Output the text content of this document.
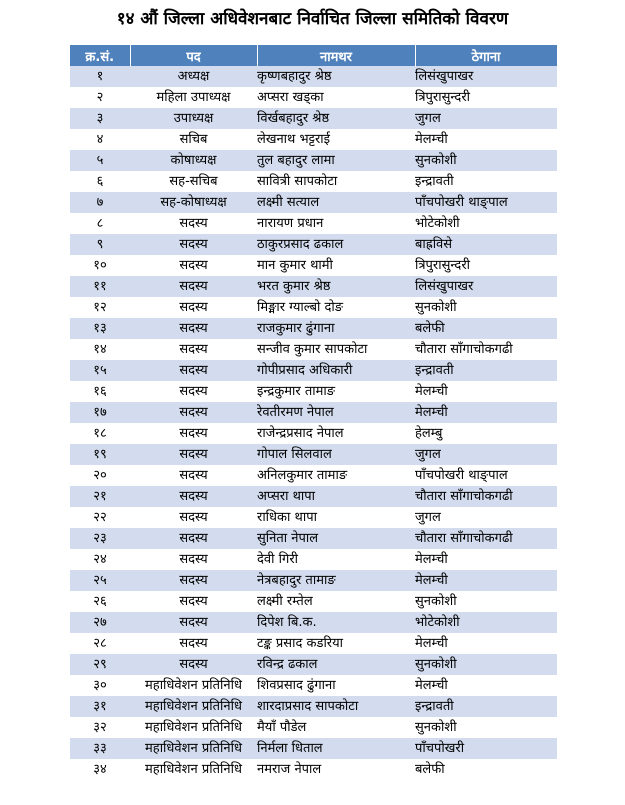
१४ औं जिल्ला अधिवेशनबाट निर्वाचित जिल्ला समितिको विवरण
क्र.सं.	पद	नामथर	ठेगाना
१	अध्यक्ष	कृष्णबहादुर श्रेष्ठ	लिसंखुपाखर
२	महिला उपाध्यक्ष	अप्सरा खड्का	त्रिपुरासुन्दरी
३	उपाध्यक्ष	विर्खबहादुर श्रेष्ठ	जुगल
४	सचिब	लेखनाथ भट्टराई	मेलम्ची
५	कोषाध्यक्ष	तुल बहादुर लामा	सुनकोशी
६	सह-सचिब	सावित्री सापकोटा	इन्द्रावती
७	सह-कोषाध्यक्ष	लक्ष्मी सत्याल	पाँचपोखरी थाङ्पाल
८	सदस्य	नारायण प्रधान	भोटेकोशी
९	सदस्य	ठाकुरप्रसाद ढकाल	बाह्रविसे
१०	सदस्य	मान कुमार थामी	त्रिपुरासुन्दरी
११	सदस्य	भरत कुमार श्रेष्ठ	लिसंखुपाखर
१२	सदस्य	मिङ्मार ग्याल्बो दोङ	सुनकोशी
१३	सदस्य	राजकुमार ढुंगाना	बलेफी
१४	सदस्य	सन्जीव कुमार सापकोटा	चौतारा साँगाचोकगढी
१५	सदस्य	गोपीप्रसाद अधिकारी	इन्द्रावती
१६	सदस्य	इन्द्रकुमार तामाङ	मेलम्ची
१७	सदस्य	रेवतीरमण नेपाल	मेलम्ची
१८	सदस्य	राजेन्द्रप्रसाद नेपाल	हेलम्बु
१९	सदस्य	गोपाल सिलवाल	जुगल
२०	सदस्य	अनिलकुमार तामाङ	पाँचपोखरी थाङ्पाल
२१	सदस्य	अप्सरा थापा	चौतारा साँगाचोकगढी
२२	सदस्य	राधिका थापा	जुगल
२३	सदस्य	सुनिता नेपाल	चौतारा साँगाचोकगढी
२४	सदस्य	देवी गिरी	मेलम्ची
२५	सदस्य	नेत्रबहादुर तामाङ	मेलम्ची
२६	सदस्य	लक्ष्मी रम्तेल	सुनकोशी
२७	सदस्य	दिपेश बि.क.	भोटेकोशी
२८	सदस्य	टङ्क प्रसाद कडरिया	मेलम्ची
२९	सदस्य	रविन्द्र ढकाल	सुनकोशी
३०	महाधिवेशन प्रतिनिधि	शिवप्रसाद ढुंगाना	मेलम्ची
३१	महाधिवेशन प्रतिनिधि	शारदाप्रसाद सापकोटा	इन्द्रावती
३२	महाधिवेशन प्रतिनिधि	मैयाँ पौडेल	सुनकोशी
३३	महाधिवेशन प्रतिनिधि	निर्मला धिताल	पाँचपोखरी
३४	महाधिवेशन प्रतिनिधि	नमराज नेपाल	बलेफी
